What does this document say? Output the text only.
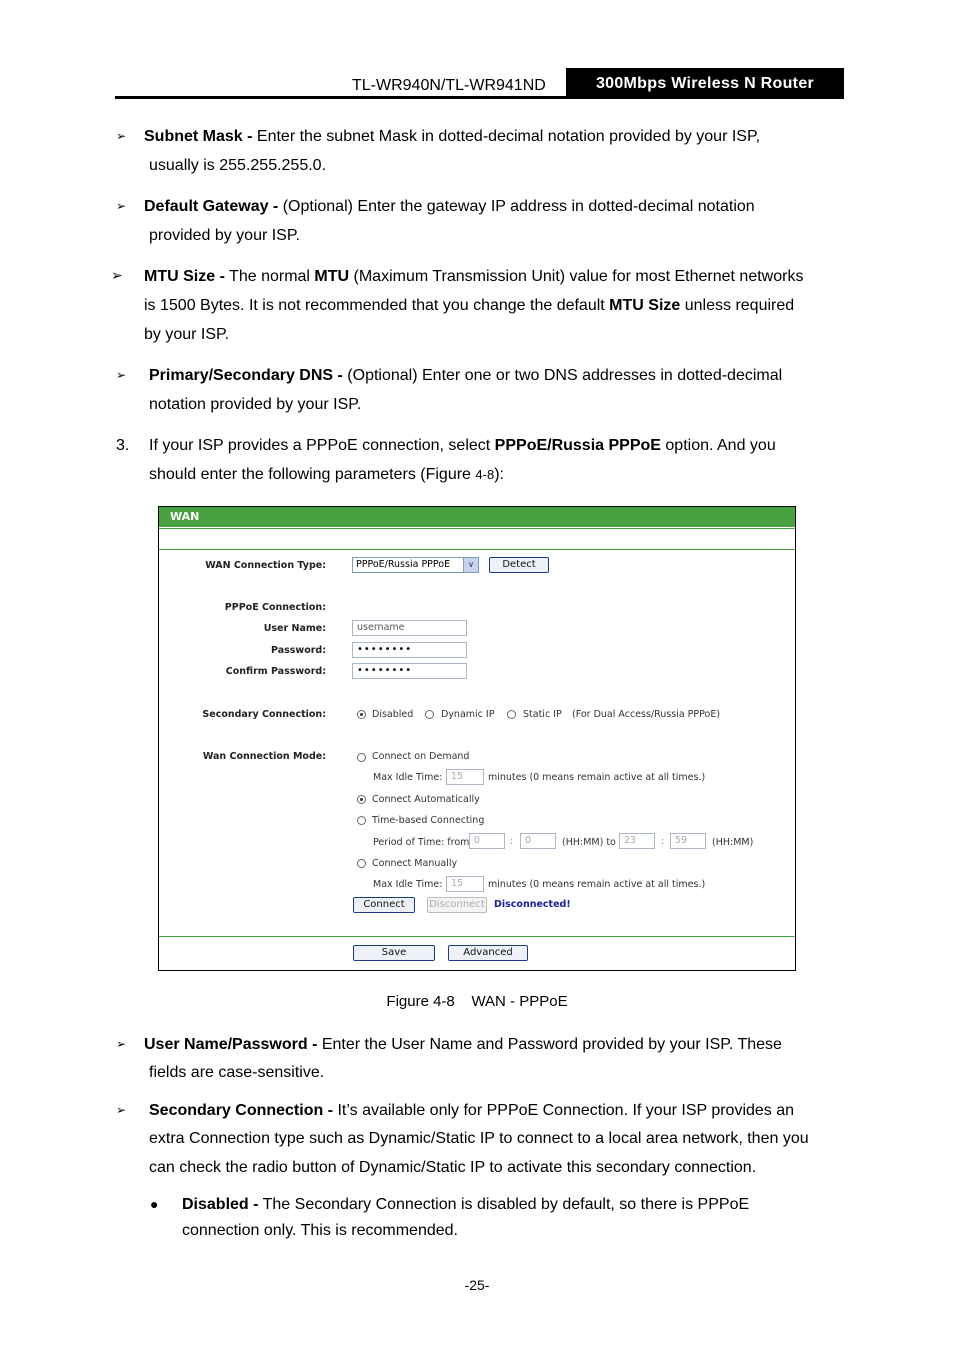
TL-WR940N/TL-WR941ND	300Mbps Wireless N Router
➢ Subnet Mask - Enter the subnet Mask in dotted-decimal notation provided by your ISP,
usually is 255.255.255.0.
➢ Default Gateway - (Optional) Enter the gateway IP address in dotted-decimal notation
provided by your ISP.
➢ MTU Size - The normal MTU (Maximum Transmission Unit) value for most Ethernet networks
is 1500 Bytes. It is not recommended that you change the default MTU Size unless required
by your ISP.
➢ Primary/Secondary DNS - (Optional) Enter one or two DNS addresses in dotted-decimal
notation provided by your ISP.
3. If your ISP provides a PPPoE connection, select PPPoE/Russia PPPoE option. And you
should enter the following parameters (Figure 4-8):
WAN
WAN Connection Type:	PPPoE/Russia PPPoE	∨	Detect
PPPoE Connection:
User Name:	username
Password:	••••••••
Confirm Password:	••••••••
Secondary Connection:	Disabled	Dynamic IP	Static IP (For Dual Access/Russia PPPoE)
Wan Connection Mode:	Connect on Demand
Max Idle Time: 15	minutes (0 means remain active at all times.)
Connect Automatically
Time-based Connecting
Period of Time: from 0	:	0	(HH:MM) to 23	:	59	(HH:MM)
Connect Manually
Max Idle Time: 15	minutes (0 means remain active at all times.)
Connect	Disconnect Disconnected!
Save	Advanced
Figure 4-8    WAN - PPPoE
➢ User Name/Password - Enter the User Name and Password provided by your ISP. These
fields are case-sensitive.
➢ Secondary Connection - It’s available only for PPPoE Connection. If your ISP provides an
extra Connection type such as Dynamic/Static IP to connect to a local area network, then you
can check the radio button of Dynamic/Static IP to activate this secondary connection.
● Disabled - The Secondary Connection is disabled by default, so there is PPPoE
connection only. This is recommended.
-25-
